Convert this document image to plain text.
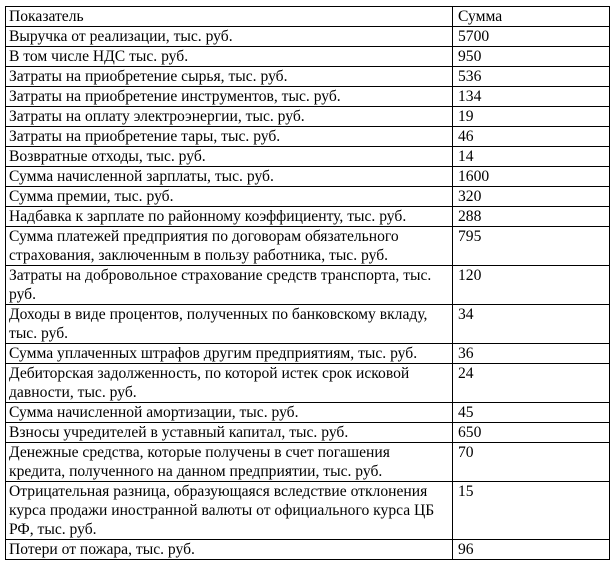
Показатель	Сумма
Выручка от реализации, тыс. руб.	5700
В том числе НДС тыс. руб.	950
Затраты на приобретение сырья, тыс. руб.	536
Затраты на приобретение инструментов, тыс. руб.	134
Затраты на оплату электроэнергии, тыс. руб.	19
Затраты на приобретение тары, тыс. руб.	46
Возвратные отходы, тыс. руб.	14
Сумма начисленной зарплаты, тыс. руб.	1600
Сумма премии, тыс. руб.	320
Надбавка к зарплате по районному коэффициенту, тыс. руб.	288
Сумма платежей предприятия по договорам обязательного страхования, заключенным в пользу работника, тыс. руб.	795
Затраты на добровольное страхование средств транспорта, тыс. руб.	120
Доходы в виде процентов, полученных по банковскому вкладу, тыс. руб.	34
Сумма уплаченных штрафов другим предприятиям, тыс. руб.	36
Дебиторская задолженность, по которой истек срок исковой давности, тыс. руб.	24
Сумма начисленной амортизации, тыс. руб.	45
Взносы учредителей в уставный капитал, тыс. руб.	650
Денежные средства, которые получены в счет погашения кредита, полученного на данном предприятии, тыс. руб.	70
Отрицательная разница, образующаяся вследствие отклонения курса продажи иностранной валюты от официального курса ЦБ РФ, тыс. руб.	15
Потери от пожара, тыс. руб.	96
